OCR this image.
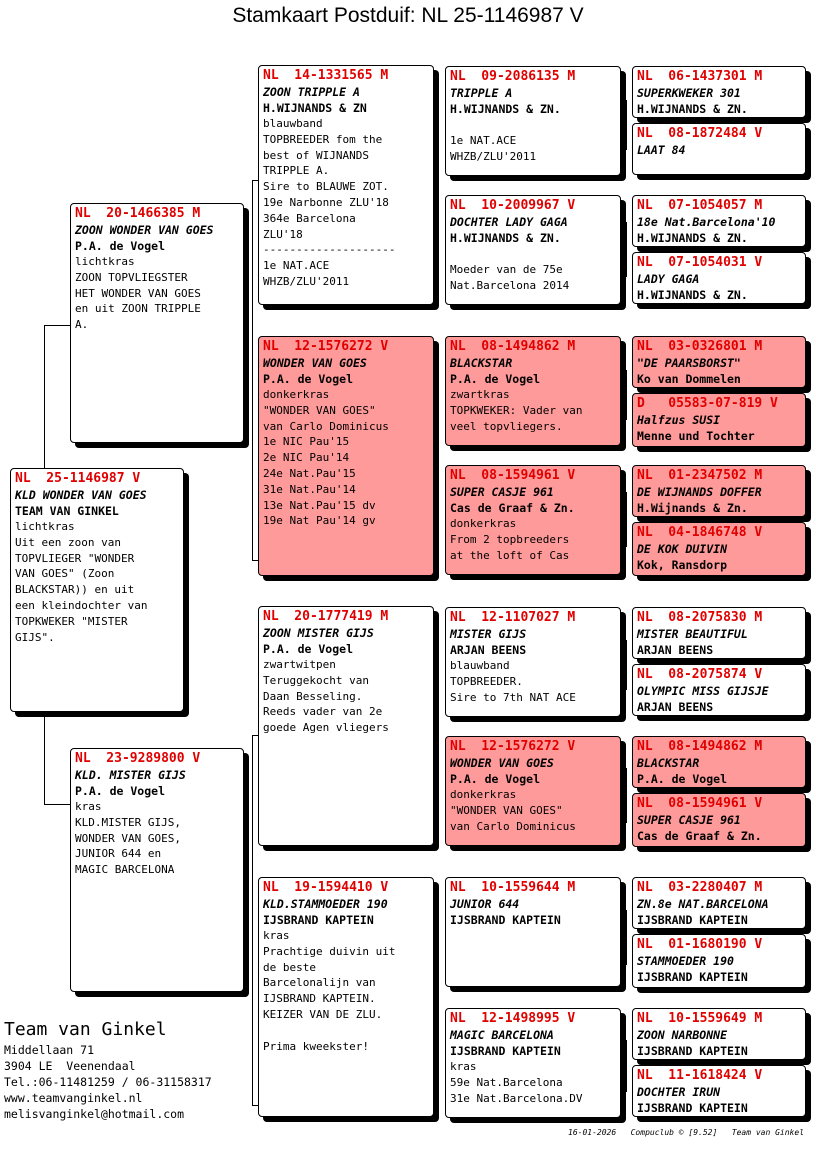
Stamkaart Postduif: NL 25-1146987 V
NL  25-1146987 V
KLD WONDER VAN GOES
TEAM VAN GINKEL
lichtkras
Uit een zoon van
TOPVLIEGER "WONDER
VAN GOES" (Zoon
BLACKSTAR)) en uit
een kleindochter van
TOPKWEKER "MISTER
GIJS".
NL  20-1466385 M
ZOON WONDER VAN GOES
P.A. de Vogel
lichtkras
ZOON TOPVLIEGSTER
HET WONDER VAN GOES
en uit ZOON TRIPPLE
A.
NL  23-9289800 V
KLD. MISTER GIJS
P.A. de Vogel
kras
KLD.MISTER GIJS,
WONDER VAN GOES,
JUNIOR 644 en
MAGIC BARCELONA
NL  14-1331565 M
ZOON TRIPPLE A
H.WIJNANDS & ZN
blauwband
TOPBREEDER fom the
best of WIJNANDS
TRIPPLE A.
Sire to BLAUWE ZOT.
19e Narbonne ZLU'18
364e Barcelona
ZLU'18
--------------------
1e NAT.ACE
WHZB/ZLU'2011
NL  12-1576272 V
WONDER VAN GOES
P.A. de Vogel
donkerkras
"WONDER VAN GOES"
van Carlo Dominicus
1e NIC Pau'15
2e NIC Pau'14
24e Nat.Pau'15
31e Nat.Pau'14
13e Nat.Pau'15 dv
19e Nat Pau'14 gv
NL  20-1777419 M
ZOON MISTER GIJS
P.A. de Vogel
zwartwitpen
Teruggekocht van
Daan Besseling.
Reeds vader van 2e
goede Agen vliegers
NL  19-1594410 V
KLD.STAMMOEDER 190
IJSBRAND KAPTEIN
kras
Prachtige duivin uit
de beste
Barcelonalijn van
IJSBRAND KAPTEIN.
KEIZER VAN DE ZLU.

Prima kweekster!
NL  09-2086135 M
TRIPPLE A
H.WIJNANDS & ZN.

1e NAT.ACE
WHZB/ZLU'2011
NL  10-2009967 V
DOCHTER LADY GAGA
H.WIJNANDS & ZN.

Moeder van de 75e
Nat.Barcelona 2014
NL  08-1494862 M
BLACKSTAR
P.A. de Vogel
zwartkras
TOPKWEKER: Vader van
veel topvliegers.
NL  08-1594961 V
SUPER CASJE 961
Cas de Graaf & Zn.
donkerkras
From 2 topbreeders
at the loft of Cas
NL  12-1107027 M
MISTER GIJS
ARJAN BEENS
blauwband
TOPBREEDER.
Sire to 7th NAT ACE
NL  12-1576272 V
WONDER VAN GOES
P.A. de Vogel
donkerkras
"WONDER VAN GOES"
van Carlo Dominicus
NL  10-1559644 M
JUNIOR 644
IJSBRAND KAPTEIN
NL  12-1498995 V
MAGIC BARCELONA
IJSBRAND KAPTEIN
kras
59e Nat.Barcelona
31e Nat.Barcelona.DV
NL  06-1437301 M
SUPERKWEKER 301
H.WIJNANDS & ZN.
NL  08-1872484 V
LAAT 84

NL  07-1054057 M
18e Nat.Barcelona'10
H.WIJNANDS & ZN.
NL  07-1054031 V
LADY GAGA
H.WIJNANDS & ZN.
NL  03-0326801 M
"DE PAARSBORST"
Ko van Dommelen
D   05583-07-819 V
Halfzus SUSI
Menne und Tochter
NL  01-2347502 M
DE WIJNANDS DOFFER
H.Wijnands & Zn.
NL  04-1846748 V
DE KOK DUIVIN
Kok, Ransdorp
NL  08-2075830 M
MISTER BEAUTIFUL
ARJAN BEENS
NL  08-2075874 V
OLYMPIC MISS GIJSJE
ARJAN BEENS
NL  08-1494862 M
BLACKSTAR
P.A. de Vogel
NL  08-1594961 V
SUPER CASJE 961
Cas de Graaf & Zn.
NL  03-2280407 M
ZN.8e NAT.BARCELONA
IJSBRAND KAPTEIN
NL  01-1680190 V
STAMMOEDER 190
IJSBRAND KAPTEIN
NL  10-1559649 M
ZOON NARBONNE
IJSBRAND KAPTEIN
NL  11-1618424 V
DOCHTER IRUN
IJSBRAND KAPTEIN
Team van Ginkel
Middellaan 71
3904 LE  Veenendaal
Tel.:06-11481259 / 06-31158317
www.teamvanginkel.nl
melisvanginkel@hotmail.com
16-01-2026   Compuclub © [9.52]   Team van Ginkel
